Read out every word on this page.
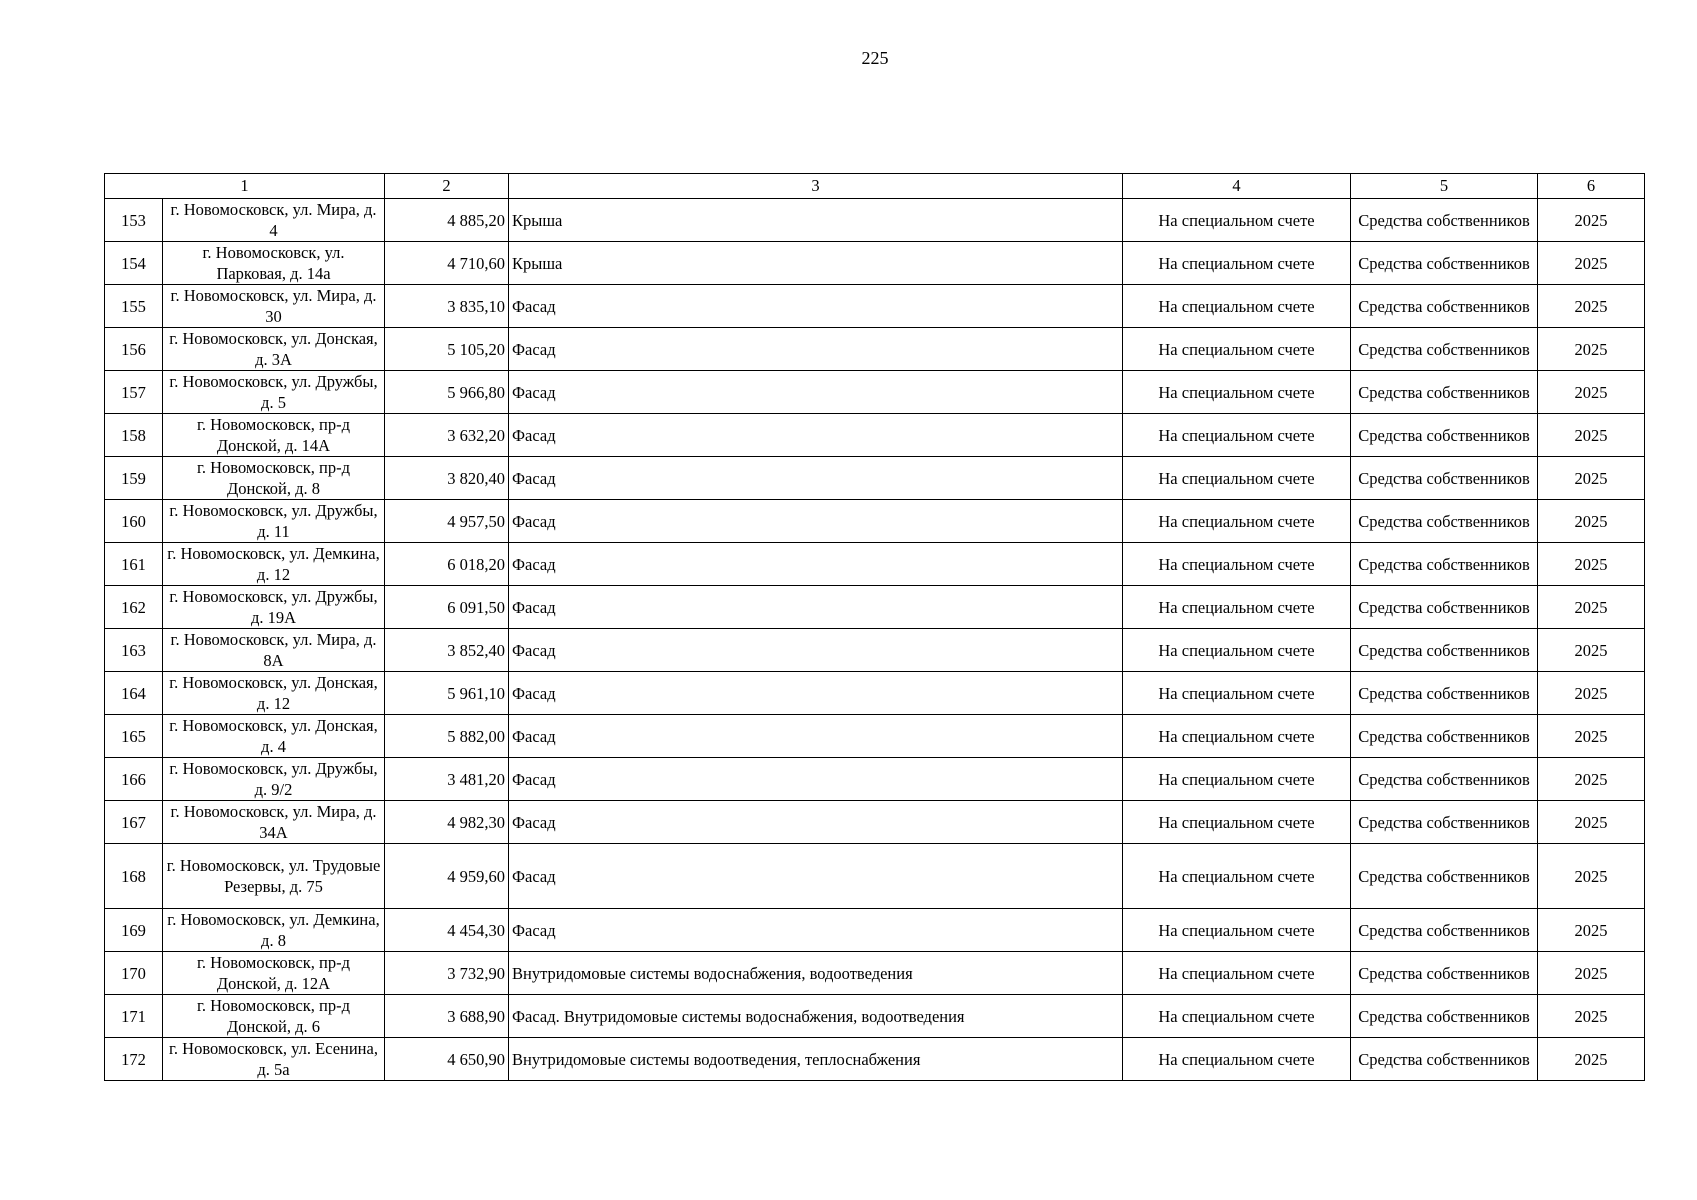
225
1		2	3	4	5	6
153	г. Новомосковск, ул. Мира, д. 4	4 885,20	Крыша	На специальном счете	Средства собственников	2025
154	г. Новомосковск, ул. Парковая, д. 14а	4 710,60	Крыша	На специальном счете	Средства собственников	2025
155	г. Новомосковск, ул. Мира, д. 30	3 835,10	Фасад	На специальном счете	Средства собственников	2025
156	г. Новомосковск, ул. Донская, д. 3А	5 105,20	Фасад	На специальном счете	Средства собственников	2025
157	г. Новомосковск, ул. Дружбы, д. 5	5 966,80	Фасад	На специальном счете	Средства собственников	2025
158	г. Новомосковск, пр-д Донской, д. 14А	3 632,20	Фасад	На специальном счете	Средства собственников	2025
159	г. Новомосковск, пр-д Донской, д. 8	3 820,40	Фасад	На специальном счете	Средства собственников	2025
160	г. Новомосковск, ул. Дружбы, д. 11	4 957,50	Фасад	На специальном счете	Средства собственников	2025
161	г. Новомосковск, ул. Демкина, д. 12	6 018,20	Фасад	На специальном счете	Средства собственников	2025
162	г. Новомосковск, ул. Дружбы, д. 19А	6 091,50	Фасад	На специальном счете	Средства собственников	2025
163	г. Новомосковск, ул. Мира, д. 8А	3 852,40	Фасад	На специальном счете	Средства собственников	2025
164	г. Новомосковск, ул. Донская, д. 12	5 961,10	Фасад	На специальном счете	Средства собственников	2025
165	г. Новомосковск, ул. Донская, д. 4	5 882,00	Фасад	На специальном счете	Средства собственников	2025
166	г. Новомосковск, ул. Дружбы, д. 9/2	3 481,20	Фасад	На специальном счете	Средства собственников	2025
167	г. Новомосковск, ул. Мира, д. 34А	4 982,30	Фасад	На специальном счете	Средства собственников	2025
168	г. Новомосковск, ул. Трудовые Резервы, д. 75	4 959,60	Фасад	На специальном счете	Средства собственников	2025
169	г. Новомосковск, ул. Демкина, д. 8	4 454,30	Фасад	На специальном счете	Средства собственников	2025
170	г. Новомосковск, пр-д Донской, д. 12А	3 732,90	Внутридомовые системы водоснабжения, водоотведения	На специальном счете	Средства собственников	2025
171	г. Новомосковск, пр-д Донской, д. 6	3 688,90	Фасад. Внутридомовые системы водоснабжения, водоотведения	На специальном счете	Средства собственников	2025
172	г. Новомосковск, ул. Есенина, д. 5а	4 650,90	Внутридомовые системы водоотведения, теплоснабжения	На специальном счете	Средства собственников	2025
